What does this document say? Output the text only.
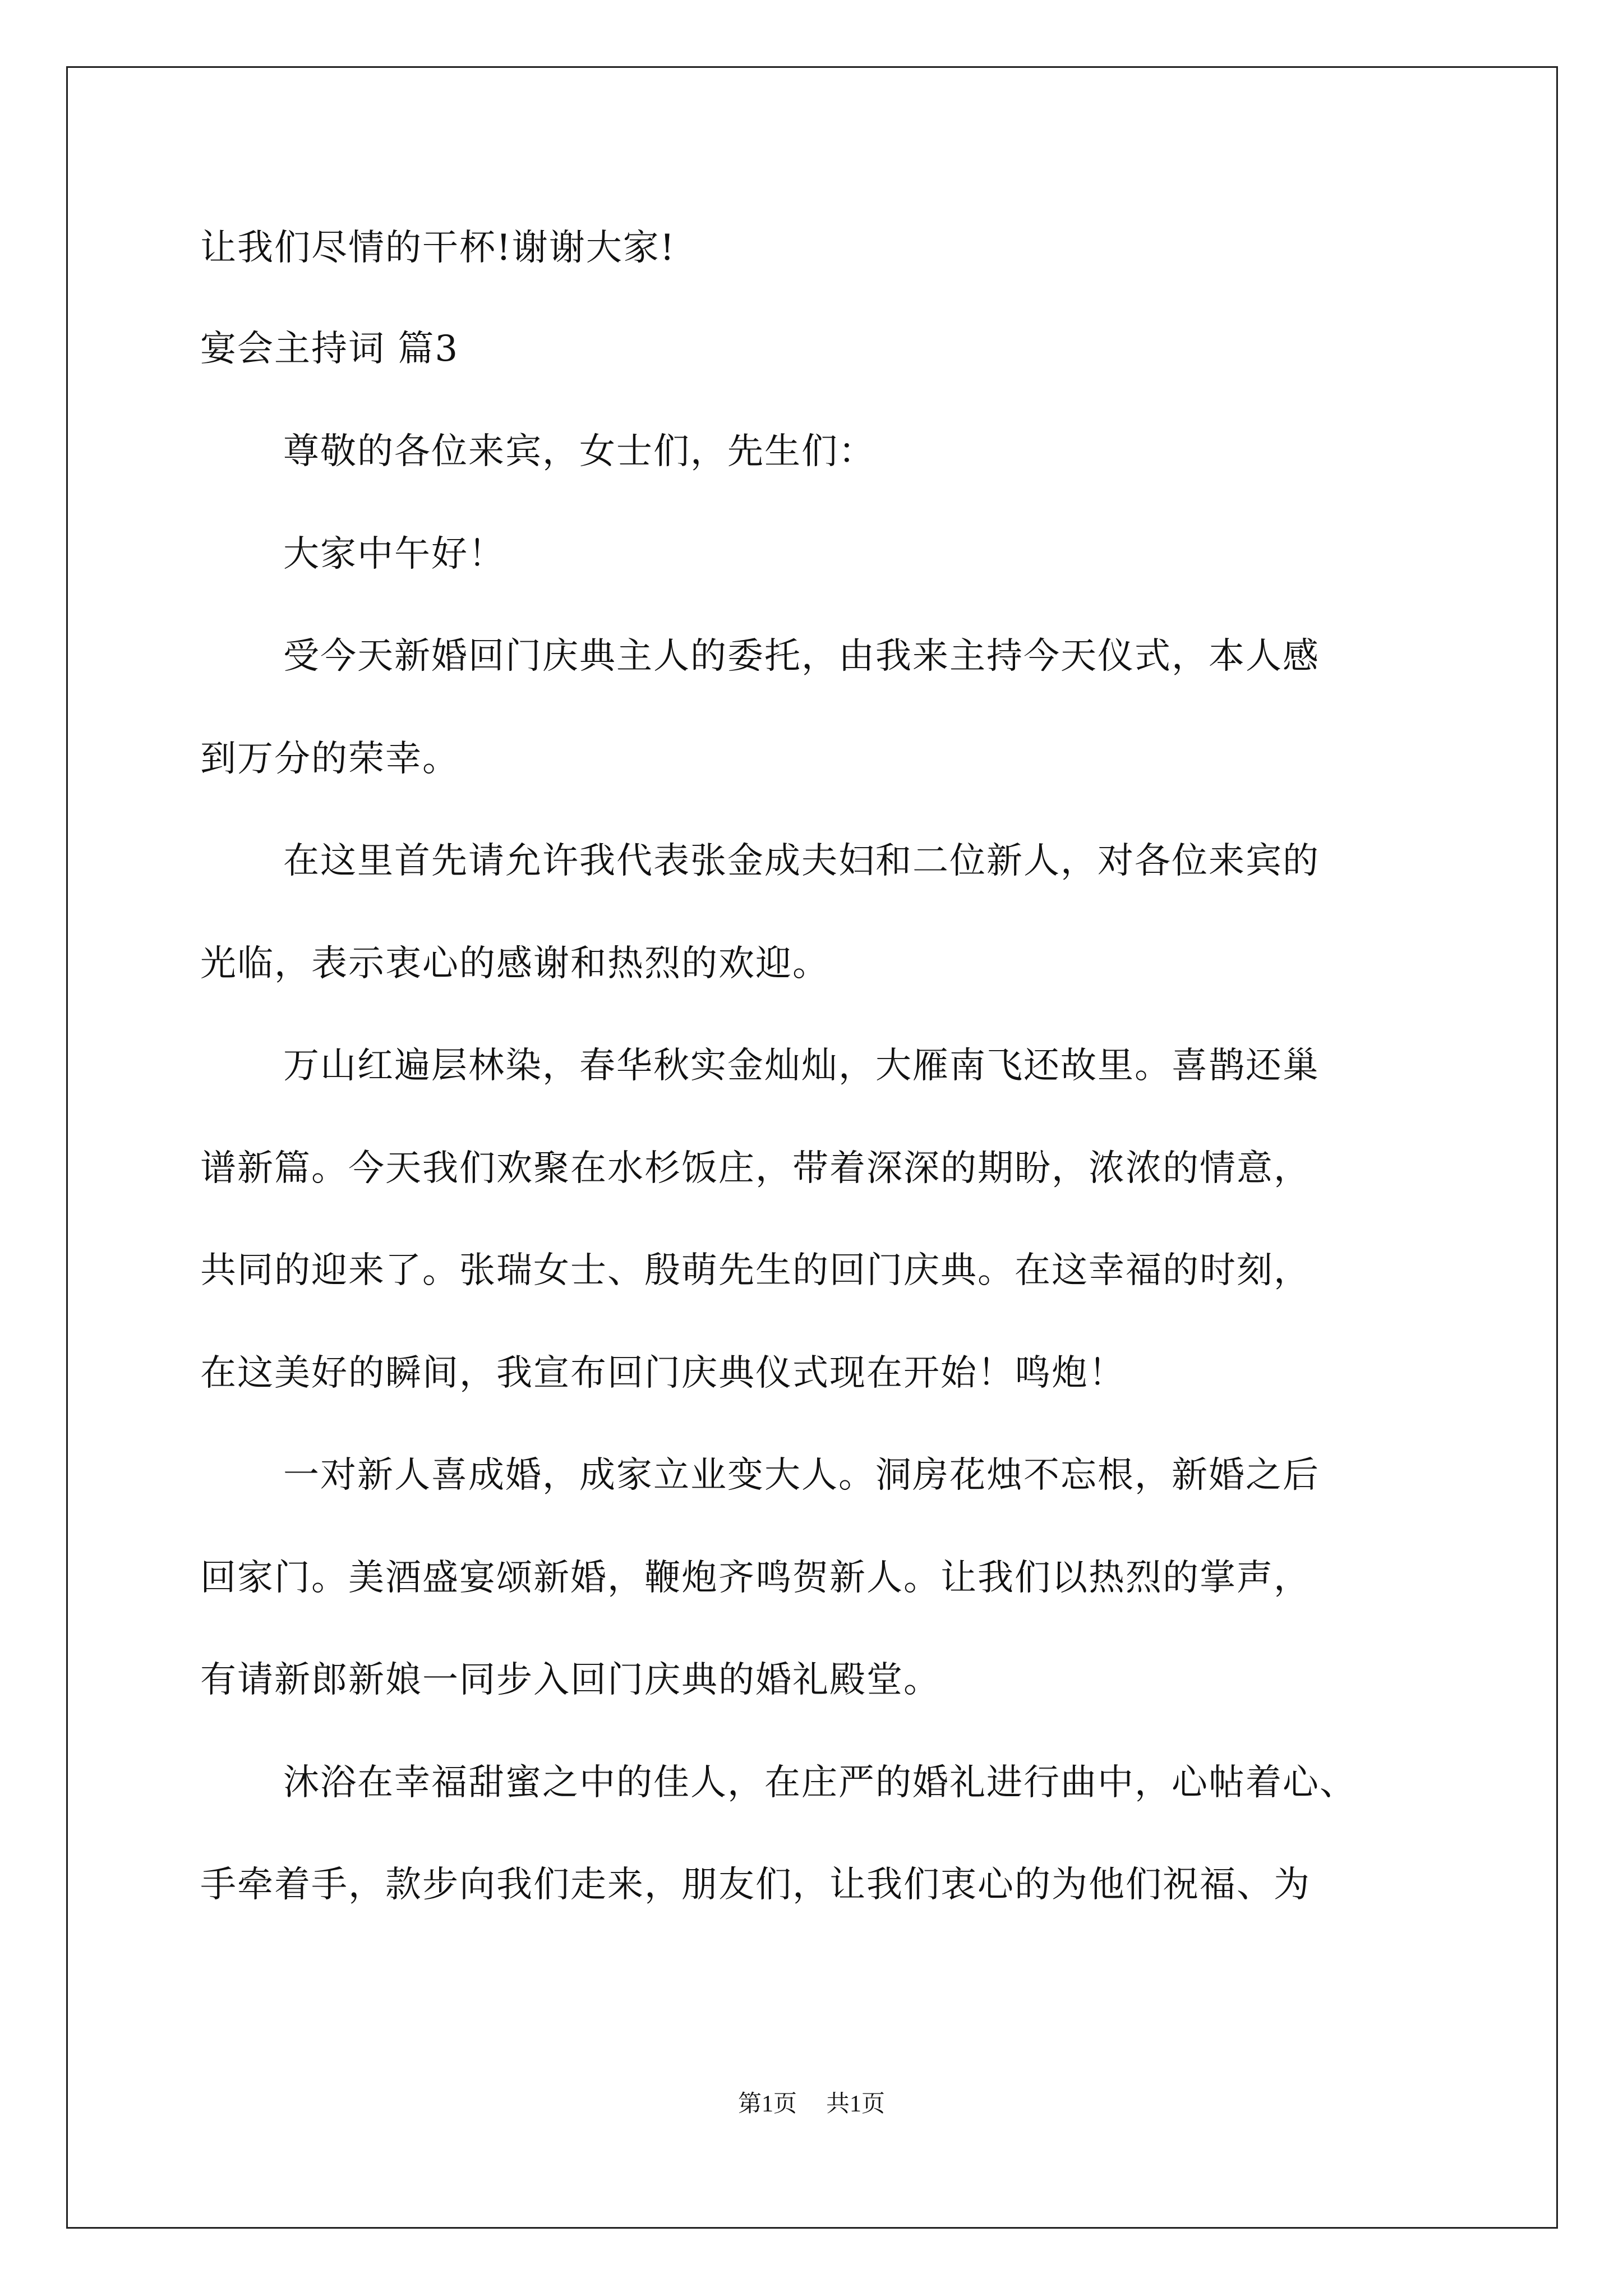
让我们尽情的干杯!谢谢大家!
宴会主持词 篇3
尊敬的各位来宾，女士们，先生们：
大家中午好！
受今天新婚回门庆典主人的委托，由我来主持今天仪式，本人感
到万分的荣幸。
在这里首先请允许我代表张金成夫妇和二位新人，对各位来宾的
光临，表示衷心的感谢和热烈的欢迎。
万山红遍层林染，春华秋实金灿灿，大雁南飞还故里。喜鹊还巢
谱新篇。今天我们欢聚在水杉饭庄，带着深深的期盼，浓浓的情意，
共同的迎来了。张瑞女士、殷萌先生的回门庆典。在这幸福的时刻，
在这美好的瞬间，我宣布回门庆典仪式现在开始！鸣炮！
一对新人喜成婚，成家立业变大人。洞房花烛不忘根，新婚之后
回家门。美酒盛宴颂新婚，鞭炮齐鸣贺新人。让我们以热烈的掌声，
有请新郎新娘一同步入回门庆典的婚礼殿堂。
沐浴在幸福甜蜜之中的佳人，在庄严的婚礼进行曲中，心帖着心、
手牵着手，款步向我们走来，朋友们，让我们衷心的为他们祝福、为
第1页 共1页
